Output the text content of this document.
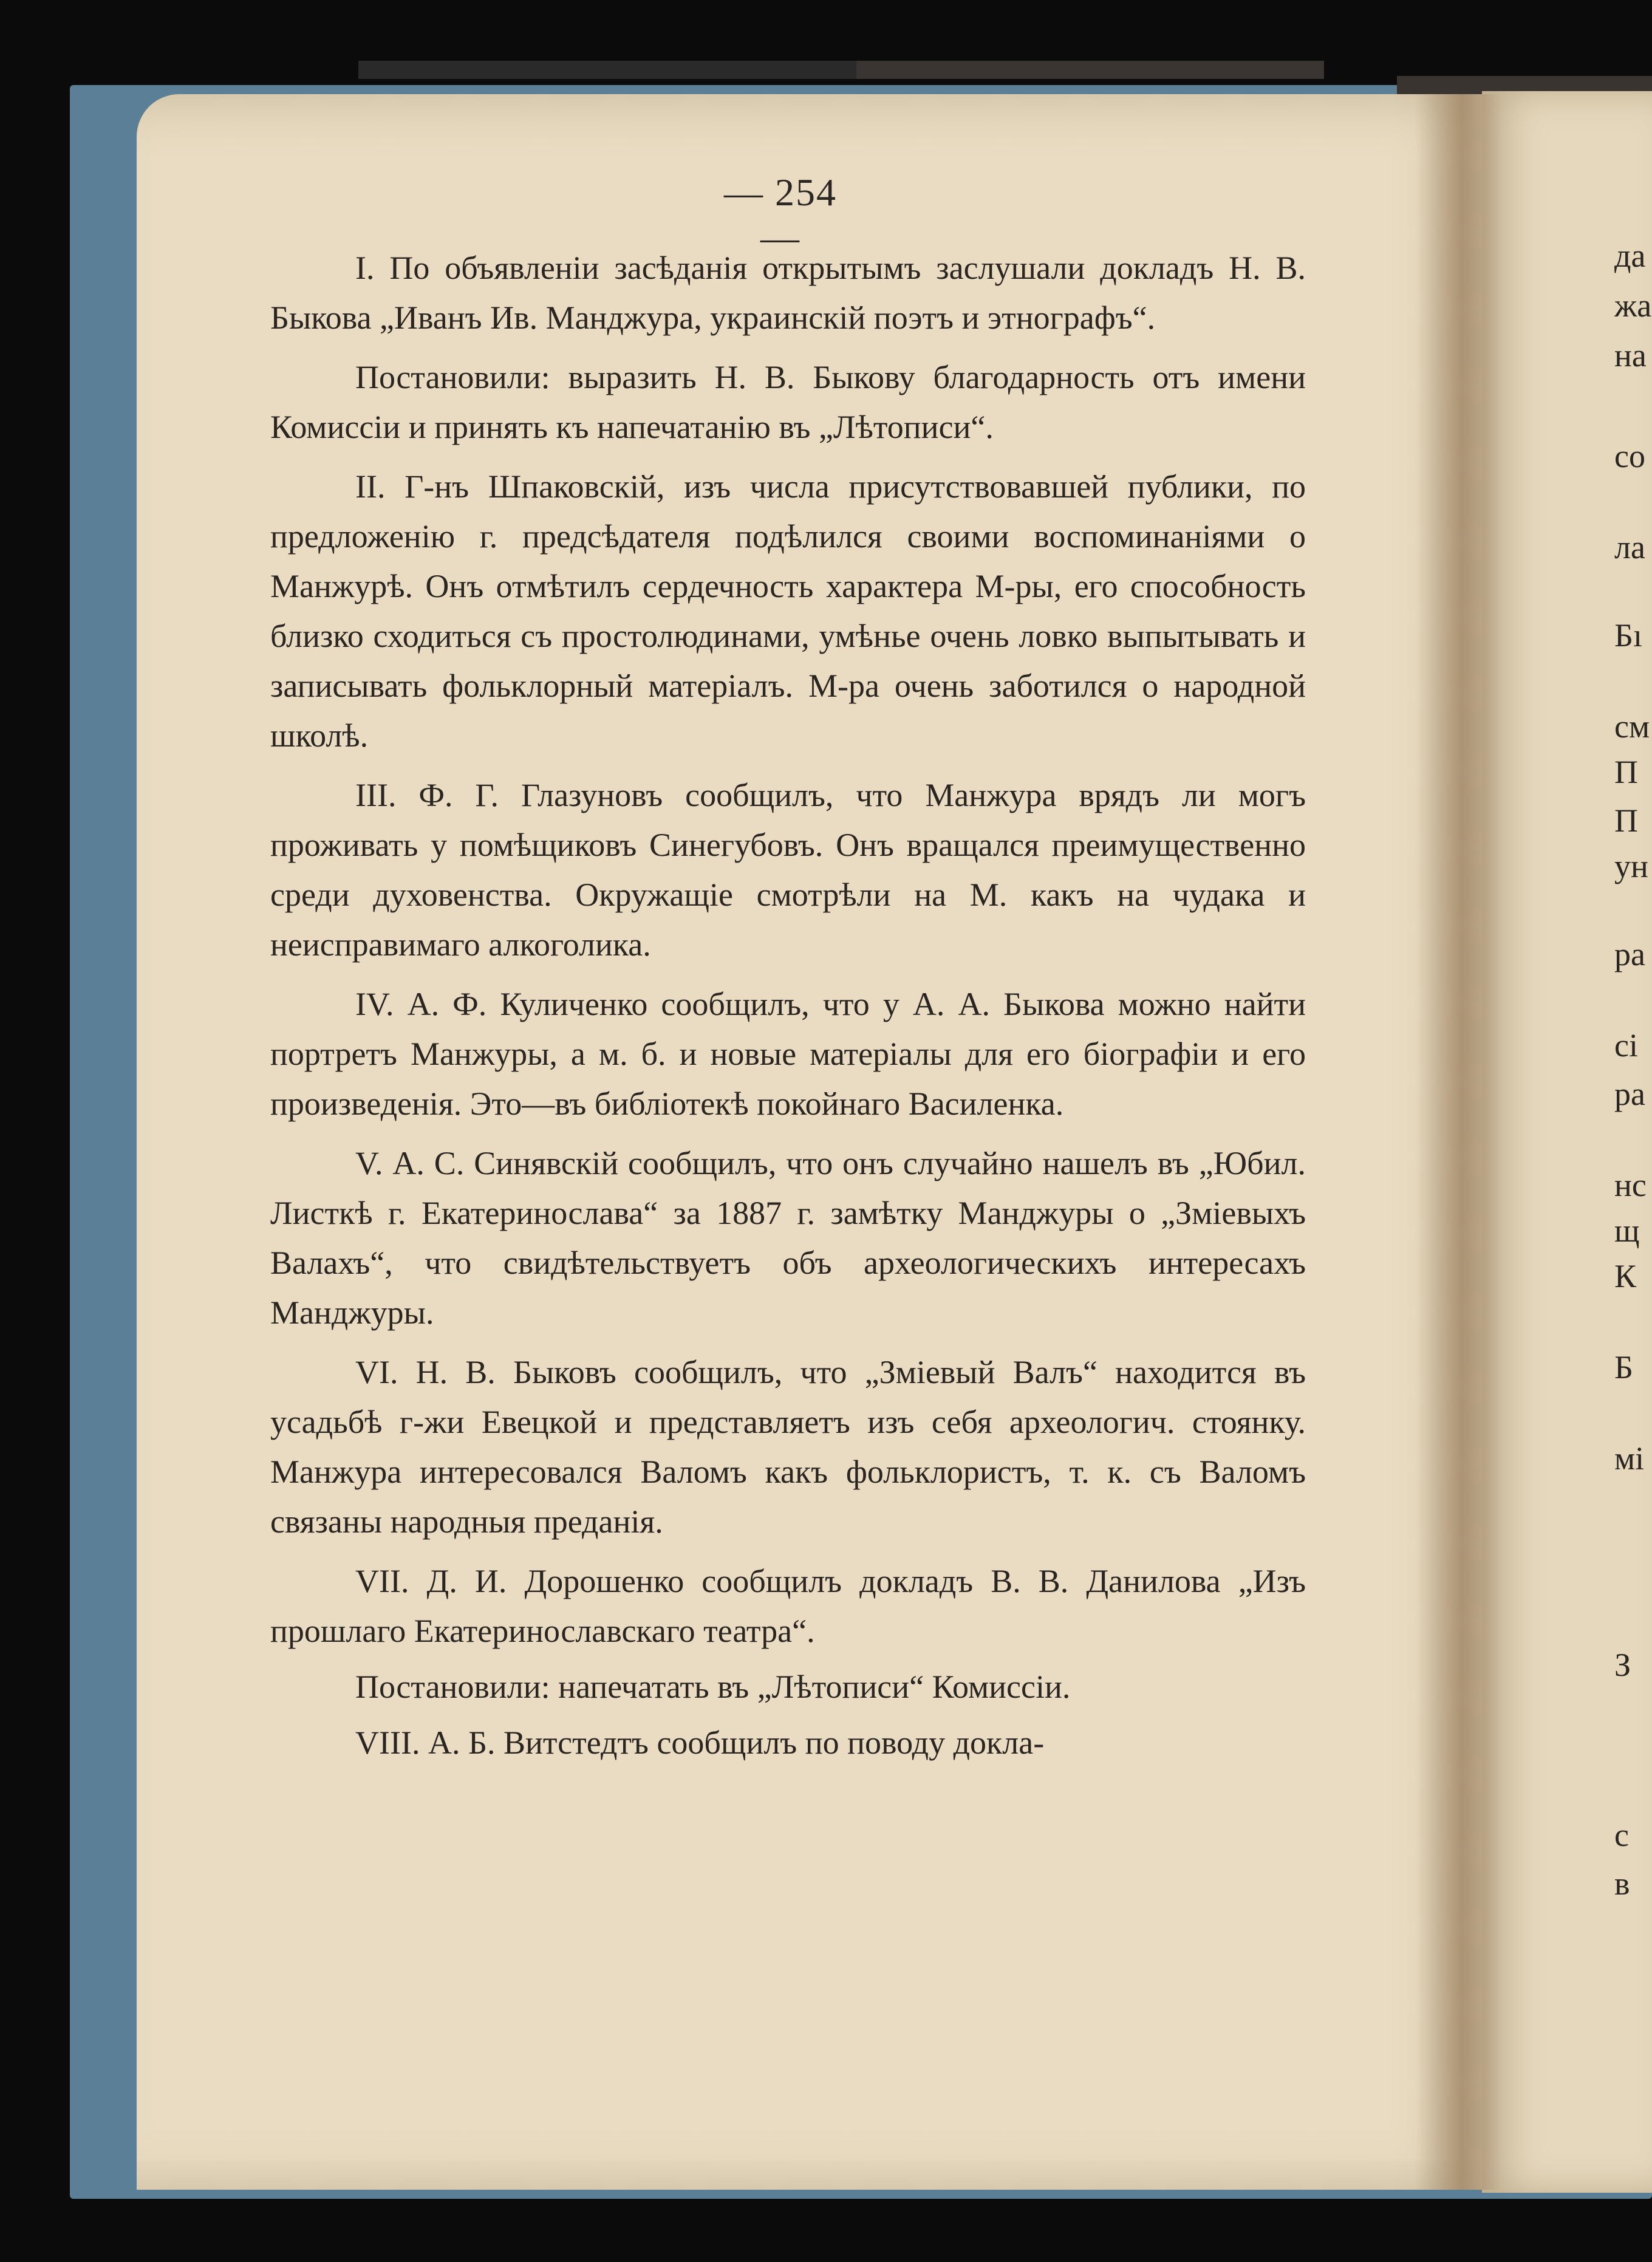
— 254 —

I. По объявленіи засѣданія открытымъ заслушали докладъ Н. В. Быкова „Иванъ Ив. Манджура, украинскій поэтъ и этнографъ“.

Постановили: выразить Н. В. Быкову благодарность отъ имени Комиссіи и принять къ напечатанію въ „Лѣтописи“.

II. Г-нъ Шпаковскій, изъ числа присутствовавшей публики, по предложенію г. предсѣдателя подѣлился своими воспоминаніями о Манжурѣ. Онъ отмѣтилъ сердечность характера М-ры, его способность близко сходиться съ простолюдинами, умѣнье очень ловко выпытывать и записывать фольклорный матеріалъ. М-ра очень заботился о народной школѣ.

III. Ф. Г. Глазуновъ сообщилъ, что Манжура врядъ ли могъ проживать у помѣщиковъ Синегубовъ. Онъ вращался преимущественно среди духовенства. Окружащіе смотрѣли на М. какъ на чудака и неисправимаго алкоголика.

IV. А. Ф. Куличенко сообщилъ, что у А. А. Быкова можно найти портретъ Манжуры, а м. б. и новые матеріалы для его біографіи и его произведенія. Это—въ библіотекѣ покойнаго Василенка.

V. А. С. Синявскій сообщилъ, что онъ случайно нашелъ въ „Юбил. Листкѣ г. Екатеринослава“ за 1887 г. замѣтку Манджуры о „Зміевыхъ Валахъ“, что свидѣтельствуетъ объ археологическихъ интересахъ Манджуры.

VI. Н. В. Быковъ сообщилъ, что „Зміевый Валъ“ находится въ усадьбѣ г-жи Евецкой и представляетъ изъ себя археологич. стоянку. Манжура интересовался Валомъ какъ фольклористъ, т. к. съ Валомъ связаны народныя преданія.

VII. Д. И. Дорошенко сообщилъ докладъ В. В. Данилова „Изъ прошлаго Екатеринославскаго театра“.

Постановили: напечатать въ „Лѣтописи“ Комиссіи.

VIII. А. Б. Витстедтъ сообщилъ по поводу докла-

да
жа
на
со
ла
Бı
см
П
П
ун
ра
сі
ра
нс
щ
К
Б
мі
З
с
в
